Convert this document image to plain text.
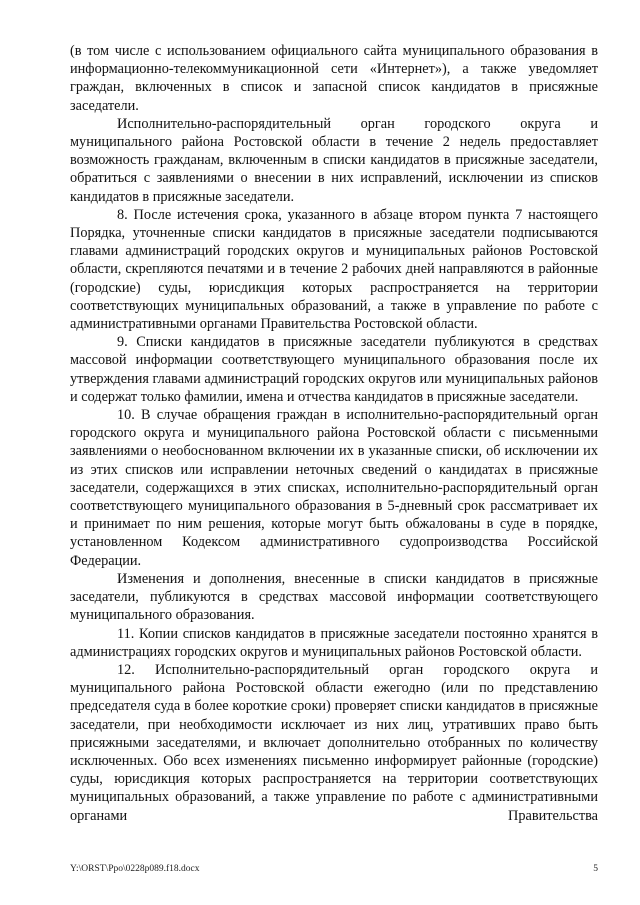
(в том числе с использованием официального сайта муниципального образования в информационно-телекоммуникационной сети «Интернет»), а также уведомляет граждан, включенных в список и запасной список кандидатов в присяжные заседатели.

Исполнительно-распорядительный орган городского округа и муниципального района Ростовской области в течение 2 недель предоставляет возможность гражданам, включенным в списки кандидатов в присяжные заседатели, обратиться с заявлениями о внесении в них исправлений, исключении из списков кандидатов в присяжные заседатели.

8. После истечения срока, указанного в абзаце втором пункта 7 настоящего Порядка, уточненные списки кандидатов в присяжные заседатели подписываются главами администраций городских округов и муниципальных районов Ростовской области, скрепляются печатями и в течение 2 рабочих дней направляются в районные (городские) суды, юрисдикция которых распространяется на территории соответствующих муниципальных образований, а также в управление по работе с административными органами Правительства Ростовской области.

9. Списки кандидатов в присяжные заседатели публикуются в средствах массовой информации соответствующего муниципального образования после их утверждения главами администраций городских округов или муниципальных районов и содержат только фамилии, имена и отчества кандидатов в присяжные заседатели.

10. В случае обращения граждан в исполнительно-распорядительный орган городского округа и муниципального района Ростовской области с письменными заявлениями о необоснованном включении их в указанные списки, об исключении их из этих списков или исправлении неточных сведений о кандидатах в присяжные заседатели, содержащихся в этих списках, исполнительно-распорядительный орган соответствующего муниципального образования в 5-дневный срок рассматривает их и принимает по ним решения, которые могут быть обжалованы в суде в порядке, установленном Кодексом административного судопроизводства Российской Федерации.

Изменения и дополнения, внесенные в списки кандидатов в присяжные заседатели, публикуются в средствах массовой информации соответствующего муниципального образования.

11. Копии списков кандидатов в присяжные заседатели постоянно хранятся в администрациях городских округов и муниципальных районов Ростовской области.

12. Исполнительно-распорядительный орган городского округа и муниципального района Ростовской области ежегодно (или по представлению председателя суда в более короткие сроки) проверяет списки кандидатов в присяжные заседатели, при необходимости исключает из них лиц, утративших право быть присяжными заседателями, и включает дополнительно отобранных по количеству исключенных. Обо всех изменениях письменно информирует районные (городские) суды, юрисдикция которых распространяется на территории соответствующих муниципальных образований, а также управление по работе с административными органами Правительства

Y:\ORST\Ppo\0228p089.f18.docx	5
